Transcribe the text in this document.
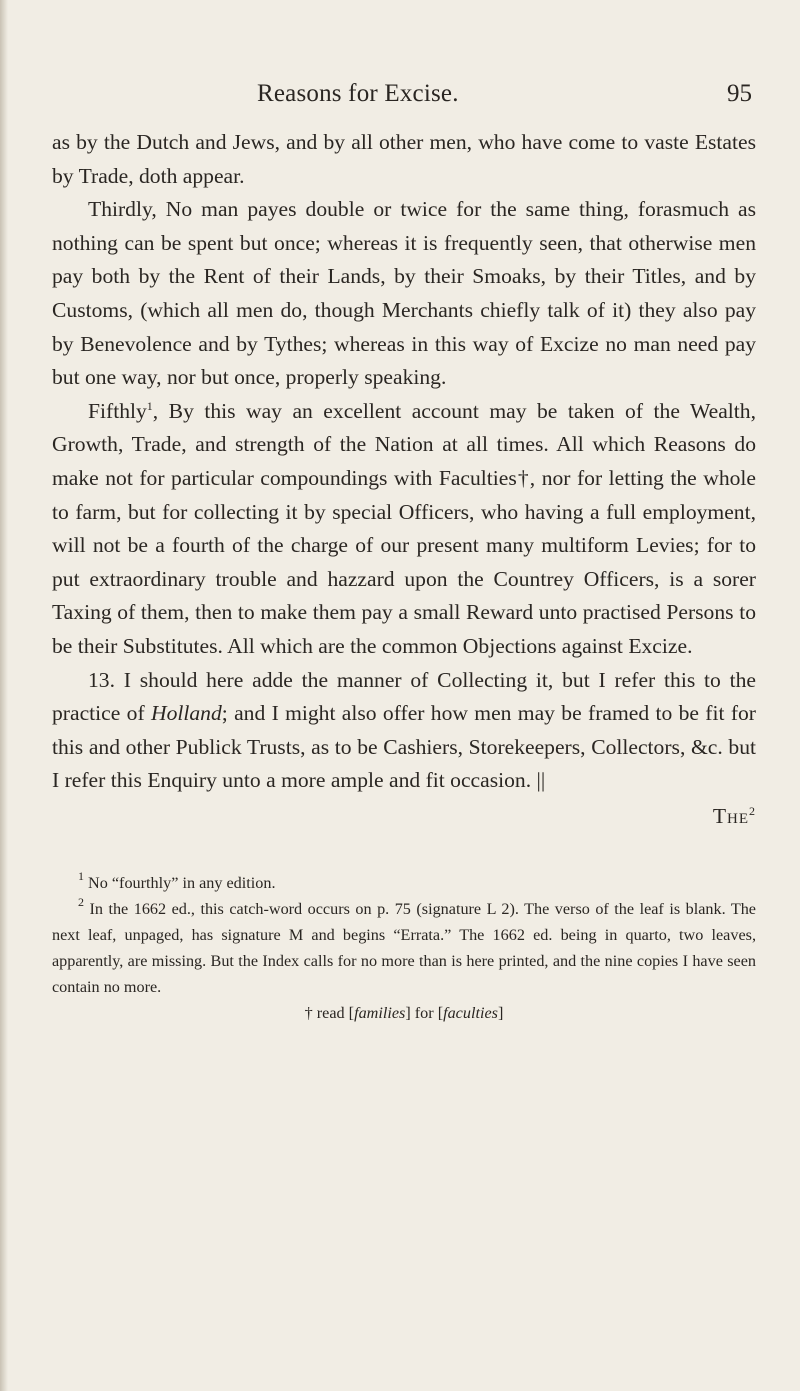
Reasons for Excise.	95

as by the Dutch and Jews, and by all other men, who have come to vaste Estates by Trade, doth appear.

Thirdly, No man payes double or twice for the same thing, forasmuch as nothing can be spent but once; whereas it is frequently seen, that otherwise men pay both by the Rent of their Lands, by their Smoaks, by their Titles, and by Customs, (which all men do, though Merchants chiefly talk of it) they also pay by Benevolence and by Tythes; whereas in this way of Excize no man need pay but one way, nor but once, properly speaking.

Fifthly$^1$, By this way an excellent account may be taken of the Wealth, Growth, Trade, and strength of the Nation at all times. All which Reasons do make not for particular compoundings with Faculties†, nor for letting the whole to farm, but for collecting it by special Officers, who having a full employment, will not be a fourth of the charge of our present many multiform Levies; for to put extraordinary trouble and hazzard upon the Countrey Officers, is a sorer Taxing of them, then to make them pay a small Reward unto practised Persons to be their Substitutes. All which are the common Objections against Excize.

13. I should here adde the manner of Collecting it, but I refer this to the practice of Holland; and I might also offer how men may be framed to be fit for this and other Publick Trusts, as to be Cashiers, Storekeepers, Collectors, &c. but I refer this Enquiry unto a more ample and fit occasion. ||

The$^2$

$^1$ No “fourthly” in any edition.

$^2$ In the 1662 ed., this catch-word occurs on p. 75 (signature L 2). The verso of the leaf is blank. The next leaf, unpaged, has signature M and begins “Errata.” The 1662 ed. being in quarto, two leaves, apparently, are missing. But the Index calls for no more than is here printed, and the nine copies I have seen contain no more.

† read [families] for [faculties]
